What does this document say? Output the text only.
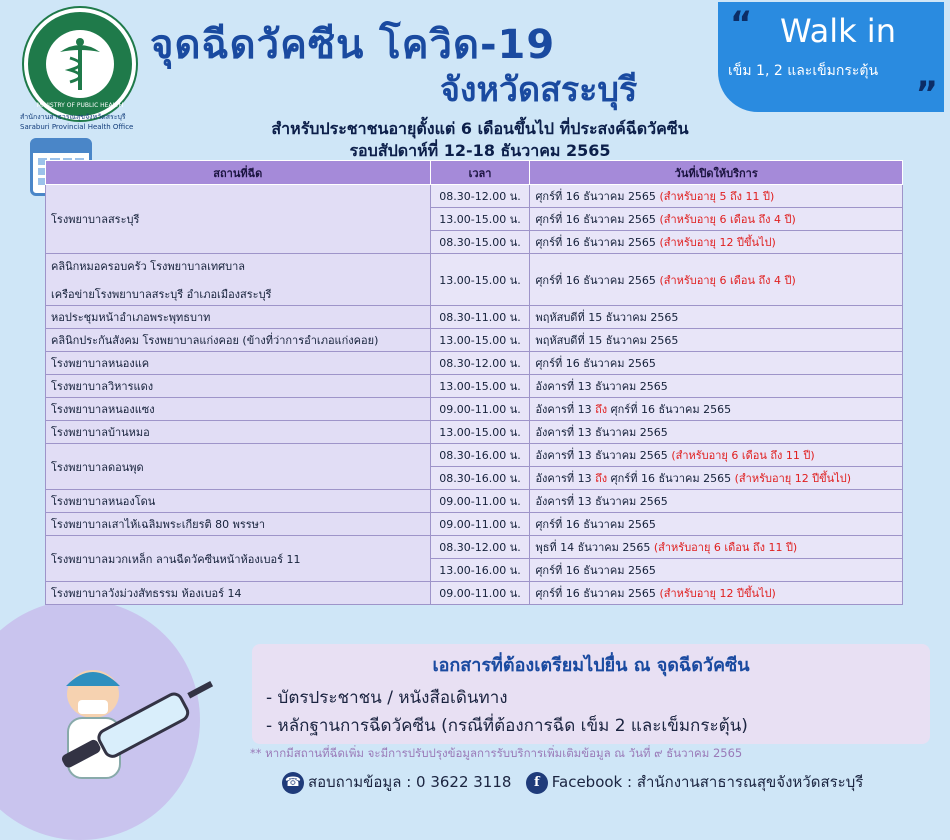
MINISTRY OF PUBLIC HEALTH
สำนักงานสาธารณสุขจังหวัดสระบุรี
Saraburi Provincial Health Office
จุดฉีดวัคซีน โควิด-19
จังหวัดสระบุรี
“ Walk in
เข็ม 1, 2 และเข็มกระตุ้น
”
สำหรับประชาชนอายุตั้งแต่ 6 เดือนขึ้นไป ที่ประสงค์ฉีดวัคซีน
รอบสัปดาห์ที่ 12-18 ธันวาคม 2565
สถานที่ฉีด	เวลา	วันที่เปิดให้บริการ

โรงพยาบาลสระบุรี	08.30-12.00 น.	ศุกร์ที่ 16 ธันวาคม 2565 (สำหรับอายุ 5 ถึง 11 ปี)
	13.00-15.00 น.	ศุกร์ที่ 16 ธันวาคม 2565 (สำหรับอายุ 6 เดือน ถึง 4 ปี)
	08.30-15.00 น.	ศุกร์ที่ 16 ธันวาคม 2565 (สำหรับอายุ 12 ปีขึ้นไป)

คลินิกหมอครอบครัว โรงพยาบาลเทศบาล
เครือข่ายโรงพยาบาลสระบุรี อำเภอเมืองสระบุรี	13.00-15.00 น.	ศุกร์ที่ 16 ธันวาคม 2565 (สำหรับอายุ 6 เดือน ถึง 4 ปี)

หอประชุมหน้าอำเภอพระพุทธบาท	08.30-11.00 น.	พฤหัสบดีที่ 15 ธันวาคม 2565

คลินิกประกันสังคม โรงพยาบาลแก่งคอย (ข้างที่ว่าการอำเภอแก่งคอย)	13.00-15.00 น.	พฤหัสบดีที่ 15 ธันวาคม 2565

โรงพยาบาลหนองแค	08.30-12.00 น.	ศุกร์ที่ 16 ธันวาคม 2565

โรงพยาบาลวิหารแดง	13.00-15.00 น.	อังคารที่ 13 ธันวาคม 2565

โรงพยาบาลหนองแซง	09.00-11.00 น.	อังคารที่ 13 ถึง ศุกร์ที่ 16 ธันวาคม 2565

โรงพยาบาลบ้านหมอ	13.00-15.00 น.	อังคารที่ 13 ธันวาคม 2565

โรงพยาบาลดอนพุด	08.30-16.00 น.	อังคารที่ 13 ธันวาคม 2565 (สำหรับอายุ 6 เดือน ถึง 11 ปี)
	08.30-16.00 น.	อังคารที่ 13 ถึง ศุกร์ที่ 16 ธันวาคม 2565 (สำหรับอายุ 12 ปีขึ้นไป)

โรงพยาบาลหนองโดน	09.00-11.00 น.	อังคารที่ 13 ธันวาคม 2565

โรงพยาบาลเสาไห้เฉลิมพระเกียรติ 80 พรรษา	09.00-11.00 น.	ศุกร์ที่ 16 ธันวาคม 2565

โรงพยาบาลมวกเหล็ก ลานฉีดวัคซีนหน้าห้องเบอร์ 11	08.30-12.00 น.	พุธที่ 14 ธันวาคม 2565 (สำหรับอายุ 6 เดือน ถึง 11 ปี)
	13.00-16.00 น.	ศุกร์ที่ 16 ธันวาคม 2565

โรงพยาบาลวังม่วงสัทธรรม ห้องเบอร์ 14	09.00-11.00 น.	ศุกร์ที่ 16 ธันวาคม 2565 (สำหรับอายุ 12 ปีขึ้นไป)
เอกสารที่ต้องเตรียมไปยื่น ณ จุดฉีดวัคซีน
- บัตรประชาชน / หนังสือเดินทาง
- หลักฐานการฉีดวัคซีน (กรณีที่ต้องการฉีด เข็ม 2 และเข็มกระตุ้น)
** หากมีสถานที่ฉีดเพิ่ม จะมีการปรับปรุงข้อมูลการรับบริการเพิ่มเติมข้อมูล ณ วันที่ ๙ ธันวาคม 2565
☎ สอบถามข้อมูล : 0 3622 3118 f Facebook : สำนักงานสาธารณสุขจังหวัดสระบุรี
